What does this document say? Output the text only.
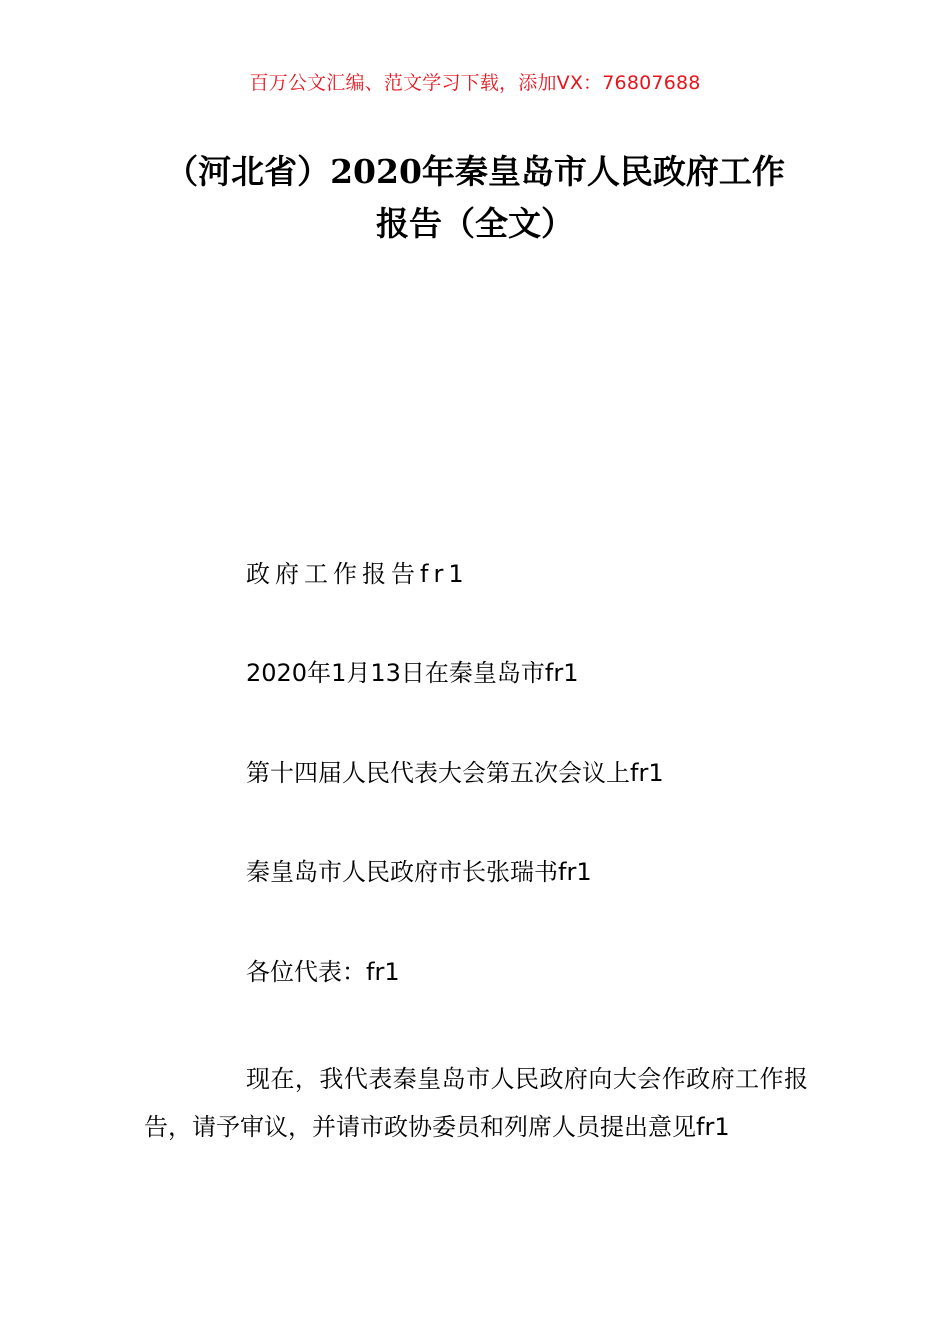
百万公文汇编、范文学习下载，添加VX：76807688
（河北省）2020年秦皇岛市人民政府工作
报告（全文）
政府工作报告fr1
2020年1月13日在秦皇岛市fr1
第十四届人民代表大会第五次会议上fr1
秦皇岛市人民政府市长张瑞书fr1
各位代表：fr1
现在，我代表秦皇岛市人民政府向大会作政府工作报告，请予审议，并请市政协委员和列席人员提出意见fr1
